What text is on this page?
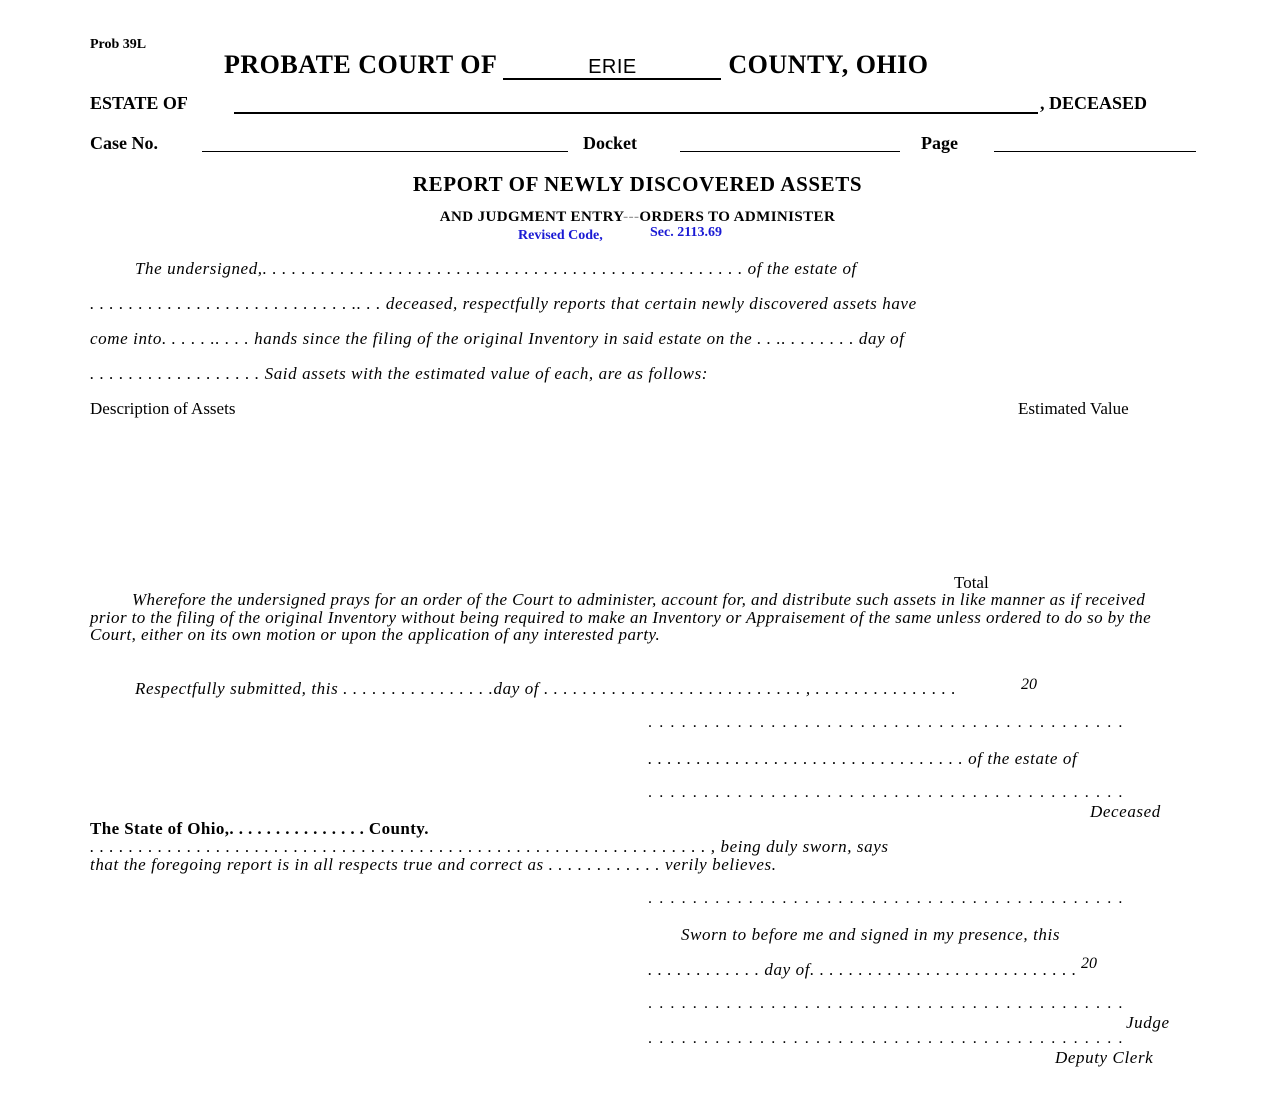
Prob 39L
PROBATE COURT OF	ERIE	COUNTY, OHIO
ESTATE OF	, DECEASED
Case No.	Docket	Page
REPORT OF NEWLY DISCOVERED ASSETS
AND JUDGMENT ENTRY---ORDERS TO ADMINISTER
Revised Code,	Sec. 2113.69
The undersigned,. . . . . . . . . . . . . . . . . . . . . . . . . . . . . . . . . . . . . . . . . . . . . . . . . . of the estate of
. . . . . . . . . . . . . . . . . . . . . . . . . . . .. . . deceased, respectfully reports that certain newly discovered assets have
come into. . . . . .. . . . hands since the filing of the original Inventory in said estate on the . . .. . . . . . . . day of
. . . . . . . . . . . . . . . . . . Said assets with the estimated value of each, are as follows:
Description of Assets	Estimated Value
Total
Wherefore the undersigned prays for an order of the Court to administer, account for, and distribute such assets in like manner as if received prior to the filing of the original Inventory without being required to make an Inventory or Appraisement of the same unless ordered to do so by the Court, either on its own motion or upon the application of any interested party.
Respectfully submitted, this . . . . . . . . . . . . . . . .day of . . . . . . . . . . . . . . . . . . . . . . . . . . . , . . . . . . . . . . . . . . .	20
. . . . . . . . . . . . . . . . . . . . . . . . . . . . . . . . . . . . . . . . . . .
. . . . . . . . . . . . . . . . . . . . . . . . . . . . . . . . . of the estate of
. . . . . . . . . . . . . . . . . . . . . . . . . . . . . . . . . . . . . . . . . . .
Deceased
The State of Ohio,. . . . . . . . . . . . . . . County.
. . . . . . . . . . . . . . . . . . . . . . . . . . . . . . . . . . . . . . . . . . . . . . . . . . . . . . . . . . . . . . . . , being duly sworn, says
that the foregoing report is in all respects true and correct as . . . . . . . . . . . . verily believes.
. . . . . . . . . . . . . . . . . . . . . . . . . . . . . . . . . . . . . . . . . . .
Sworn to before me and signed in my presence, this
. . . . . . . . . . . . day of. . . . . . . . . . . . . . . . . . . . . . . . . . . . 20
. . . . . . . . . . . . . . . . . . . . . . . . . . . . . . . . . . . . . . . . . . .
Judge
. . . . . . . . . . . . . . . . . . . . . . . . . . . . . . . . . . . . . . . . . . .
Deputy Clerk
